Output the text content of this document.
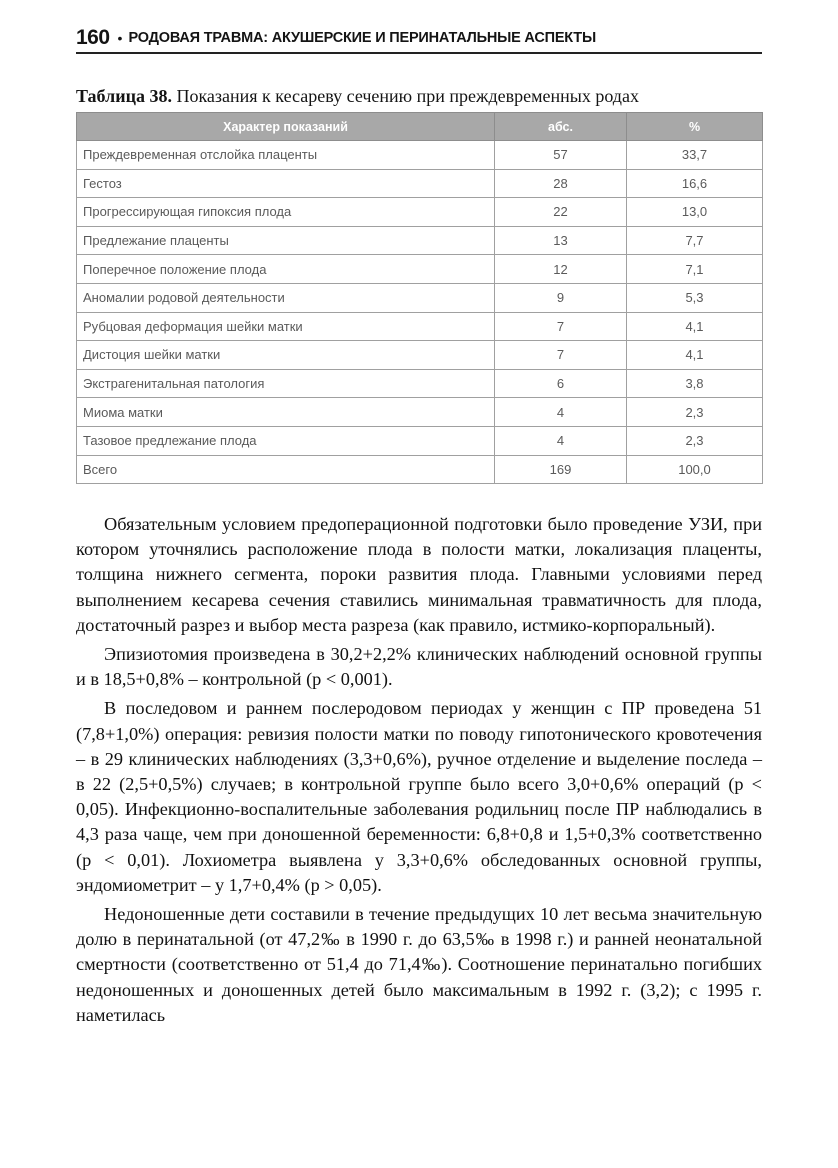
160 • РОДОВАЯ ТРАВМА: АКУШЕРСКИЕ И ПЕРИНАТАЛЬНЫЕ АСПЕКТЫ
Таблица 38. Показания к кесареву сечению при преждевременных родах
Характер показаний	абс.	%
Преждевременная отслойка плаценты	57	33,7
Гестоз	28	16,6
Прогрессирующая гипоксия плода	22	13,0
Предлежание плаценты	13	7,7
Поперечное положение плода	12	7,1
Аномалии родовой деятельности	9	5,3
Рубцовая деформация шейки матки	7	4,1
Дистоция шейки матки	7	4,1
Экстрагенитальная патология	6	3,8
Миома матки	4	2,3
Тазовое предлежание плода	4	2,3
Всего	169	100,0

Обязательным условием предоперационной подготовки было проведение УЗИ, при котором уточнялись расположение плода в полости матки, локализация плаценты, толщина нижнего сегмента, пороки развития плода. Главными условиями перед выполнением кесарева сечения ставились минимальная травматичность для плода, достаточный разрез и выбор места разреза (как правило, истмико-корпоральный).

Эпизиотомия произведена в 30,2+2,2% клинических наблюдений основной группы и в 18,5+0,8% – контрольной (p < 0,001).

В последовом и раннем послеродовом периодах у женщин с ПР проведена 51 (7,8+1,0%) операция: ревизия полости матки по поводу гипотонического кровотечения – в 29 клинических наблюдениях (3,3+0,6%), ручное отделение и выделение последа – в 22 (2,5+0,5%) случаев; в контрольной группе было всего 3,0+0,6% операций (p < 0,05). Инфекционно-воспалительные заболевания родильниц после ПР наблюдались в 4,3 раза чаще, чем при доношенной беременности: 6,8+0,8 и 1,5+0,3% соответственно (p < 0,01). Лохиометра выявлена у 3,3+0,6% обследованных основной группы, эндомиометрит – у 1,7+0,4% (p > 0,05).

Недоношенные дети составили в течение предыдущих 10 лет весьма значительную долю в перинатальной (от 47,2‰ в 1990 г. до 63,5‰ в 1998 г.) и ранней неонатальной смертности (соответственно от 51,4 до 71,4‰). Соотношение перинатально погибших недоношенных и доношенных детей было максимальным в 1992 г. (3,2); с 1995 г. наметилась
